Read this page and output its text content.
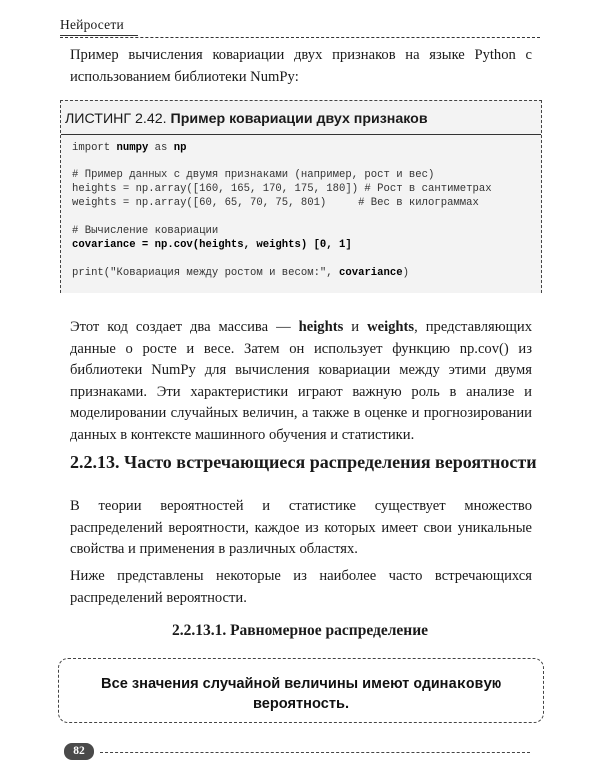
Нейросети

Пример вычисления ковариации двух признаков на языке Python с использованием библиотеки NumPy:

ЛИСТИНГ 2.42. Пример ковариации двух признаков
import numpy as np
# Пример данных с двумя признаками (например, рост и вес)
heights = np.array([160, 165, 170, 175, 180]) # Рост в сантиметрах
weights = np.array([60, 65, 70, 75, 801)     # Вес в килограммах
# Вычисление ковариации
covariance = np.cov(heights, weights) [0, 1]
print("Ковариация между ростом и весом:", covariance)

Этот код создает два массива — heights и weights, представляющих данные о росте и весе. Затем он использует функцию np.cov() из библиотеки NumPy для вычисления ковариации между этими двумя признаками. Эти характеристики играют важную роль в анализе и моделировании случайных величин, а также в оценке и прогнозировании данных в контексте машинного обучения и статистики.

2.2.13. Часто встречающиеся распределения вероятности

В теории вероятностей и статистике существует множество распределений вероятности, каждое из которых имеет свои уникальные свойства и применения в различных областях.

Ниже представлены некоторые из наиболее часто встречающихся распределений вероятности.

2.2.13.1. Равномерное распределение
Все значения случайной величины имеют одинаковую
вероятность.
82
